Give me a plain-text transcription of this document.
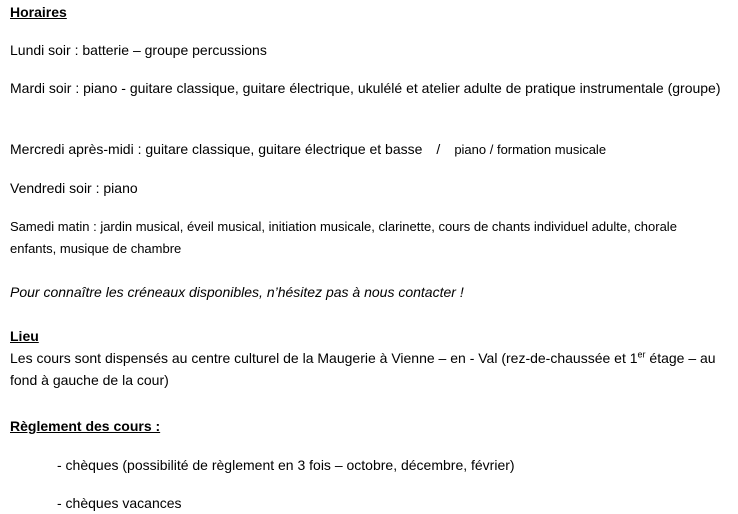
Horaires
Lundi soir : batterie – groupe percussions
Mardi soir : piano - guitare classique, guitare électrique, ukulélé et atelier adulte de pratique instrumentale (groupe)
Mercredi après-midi : guitare classique, guitare électrique et basse / piano / formation musicale
Vendredi soir : piano
Samedi matin : jardin musical, éveil musical, initiation musicale, clarinette, cours de chants individuel adulte, chorale enfants, musique de chambre
Pour connaître les créneaux disponibles, n’hésitez pas à nous contacter !
Lieu
Les cours sont dispensés au centre culturel de la Maugerie à Vienne – en - Val (rez-de-chaussée et 1er étage – au fond à gauche de la cour)
Règlement des cours :
- chèques (possibilité de règlement en 3 fois – octobre, décembre, février)
- chèques vacances
